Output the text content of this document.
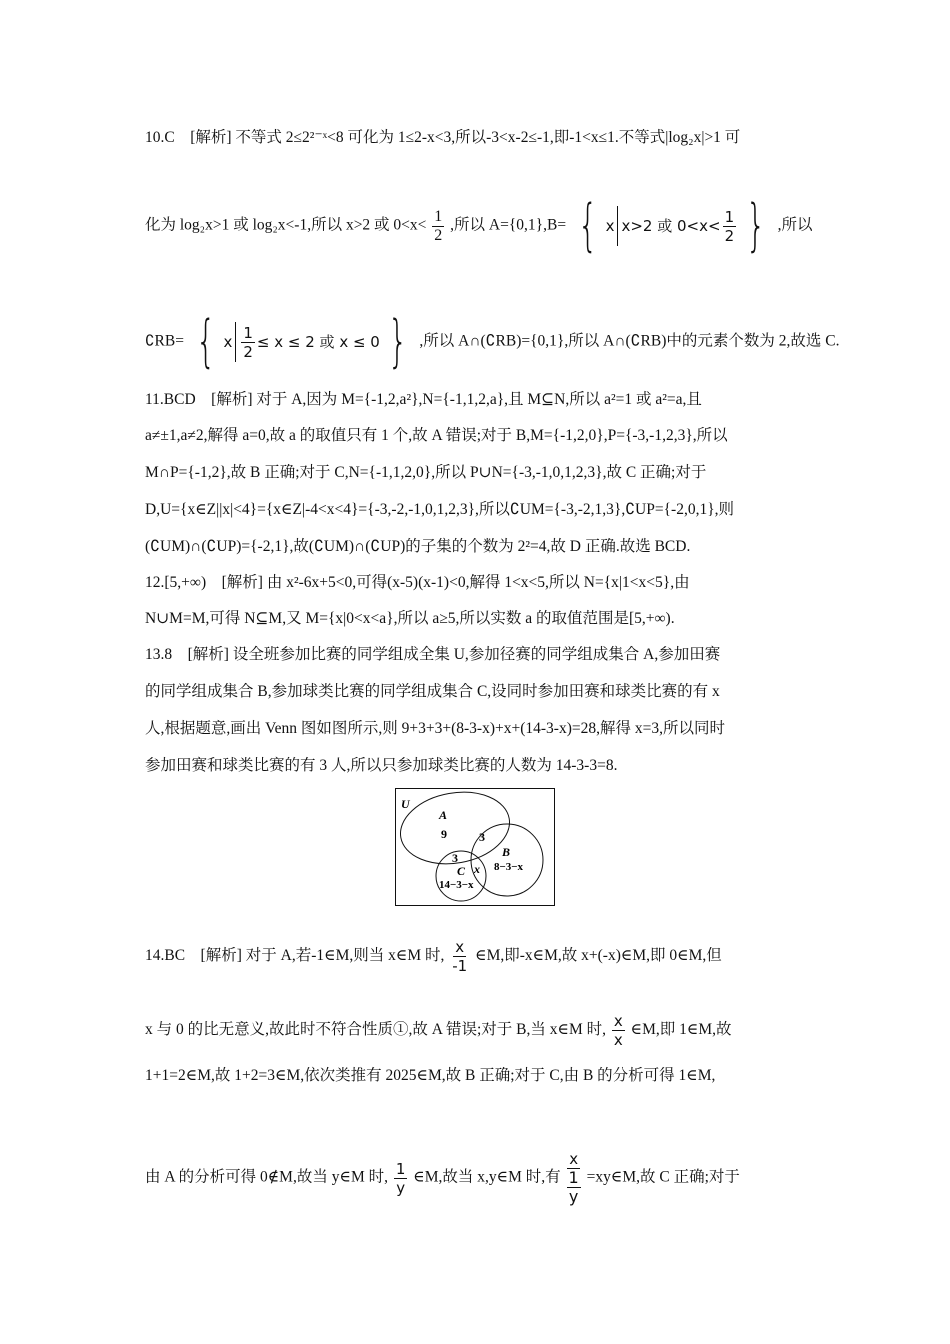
10.C　[解析] 不等式 2≤2²⁻ˣ<8 可化为 1≤2-x<3,所以-3<x-2≤-1,即-1<x≤1.不等式|log₂x|>1 可
化为 log₂x>1 或 log₂x<-1,所以 x>2 或 $0<x< \frac{1}{2}$ ,所以 A={0,1},B= { x x>2 或 $0<x< \frac{1}{2}$ } ,所以
∁RB= { x $\frac{1}{2} \le x \le 2$ 或 x ≤ 0 } ,所以 A∩(∁RB)={0,1},所以 A∩(∁RB)中的元素个数为 2,故选 C.
11.BCD　[解析] 对于 A,因为 M={-1,2,a²},N={-1,1,2,a},且 M⊆N,所以 a²=1 或 a²=a,且
a≠±1,a≠2,解得 a=0,故 a 的取值只有 1 个,故 A 错误;对于 B,M={-1,2,0},P={-3,-1,2,3},所以
M∩P={-1,2},故 B 正确;对于 C,N={-1,1,2,0},所以 P∪N={-3,-1,0,1,2,3},故 C 正确;对于
D,U={x∈Z||x|<4}={x∈Z|-4<x<4}={-3,-2,-1,0,1,2,3},所以∁UM={-3,-2,1,3},∁UP={-2,0,1},则
(∁UM)∩(∁UP)={-2,1},故(∁UM)∩(∁UP)的子集的个数为 2²=4,故 D 正确.故选 BCD.
12.[5,+∞)　[解析] 由 x²-6x+5<0,可得(x-5)(x-1)<0,解得 1<x<5,所以 N={x|1<x<5},由
N∪M=M,可得 N⊆M,又 M={x|0<x<a},所以 a≥5,所以实数 a 的取值范围是[5,+∞).
13.8　[解析] 设全班参加比赛的同学组成全集 U,参加径赛的同学组成集合 A,参加田赛
的同学组成集合 B,参加球类比赛的同学组成集合 C,设同时参加田赛和球类比赛的有 x
人,根据题意,画出 Venn 图如图所示,则 9+3+3+(8-3-x)+x+(14-3-x)=28,解得 x=3,所以同时
参加田赛和球类比赛的有 3 人,所以只参加球类比赛的人数为 14-3-3=8.
U
A
9	3
3
x
B
8−3−x
C
14−3−x
14.BC　[解析] 对于 A,若-1∈M,则当 x∈M 时, $\frac{x}{-1}$ ∈M,即-x∈M,故 x+(-x)∈M,即 0∈M,但
x 与 0 的比无意义,故此时不符合性质①,故 A 错误;对于 B,当 x∈M 时, $\frac{x}{x}$ ∈M,即 1∈M,故
1+1=2∈M,故 1+2=3∈M,依次类推有 2025∈M,故 B 正确;对于 C,由 B 的分析可得 1∈M,
由 A 的分析可得 0∉M,故当 y∈M 时, $\frac{1}{y}$ ∈M,故当 x,y∈M 时,有 $\frac{x}{\frac{1}{y}}$ =xy∈M,故 C 正确;对于
